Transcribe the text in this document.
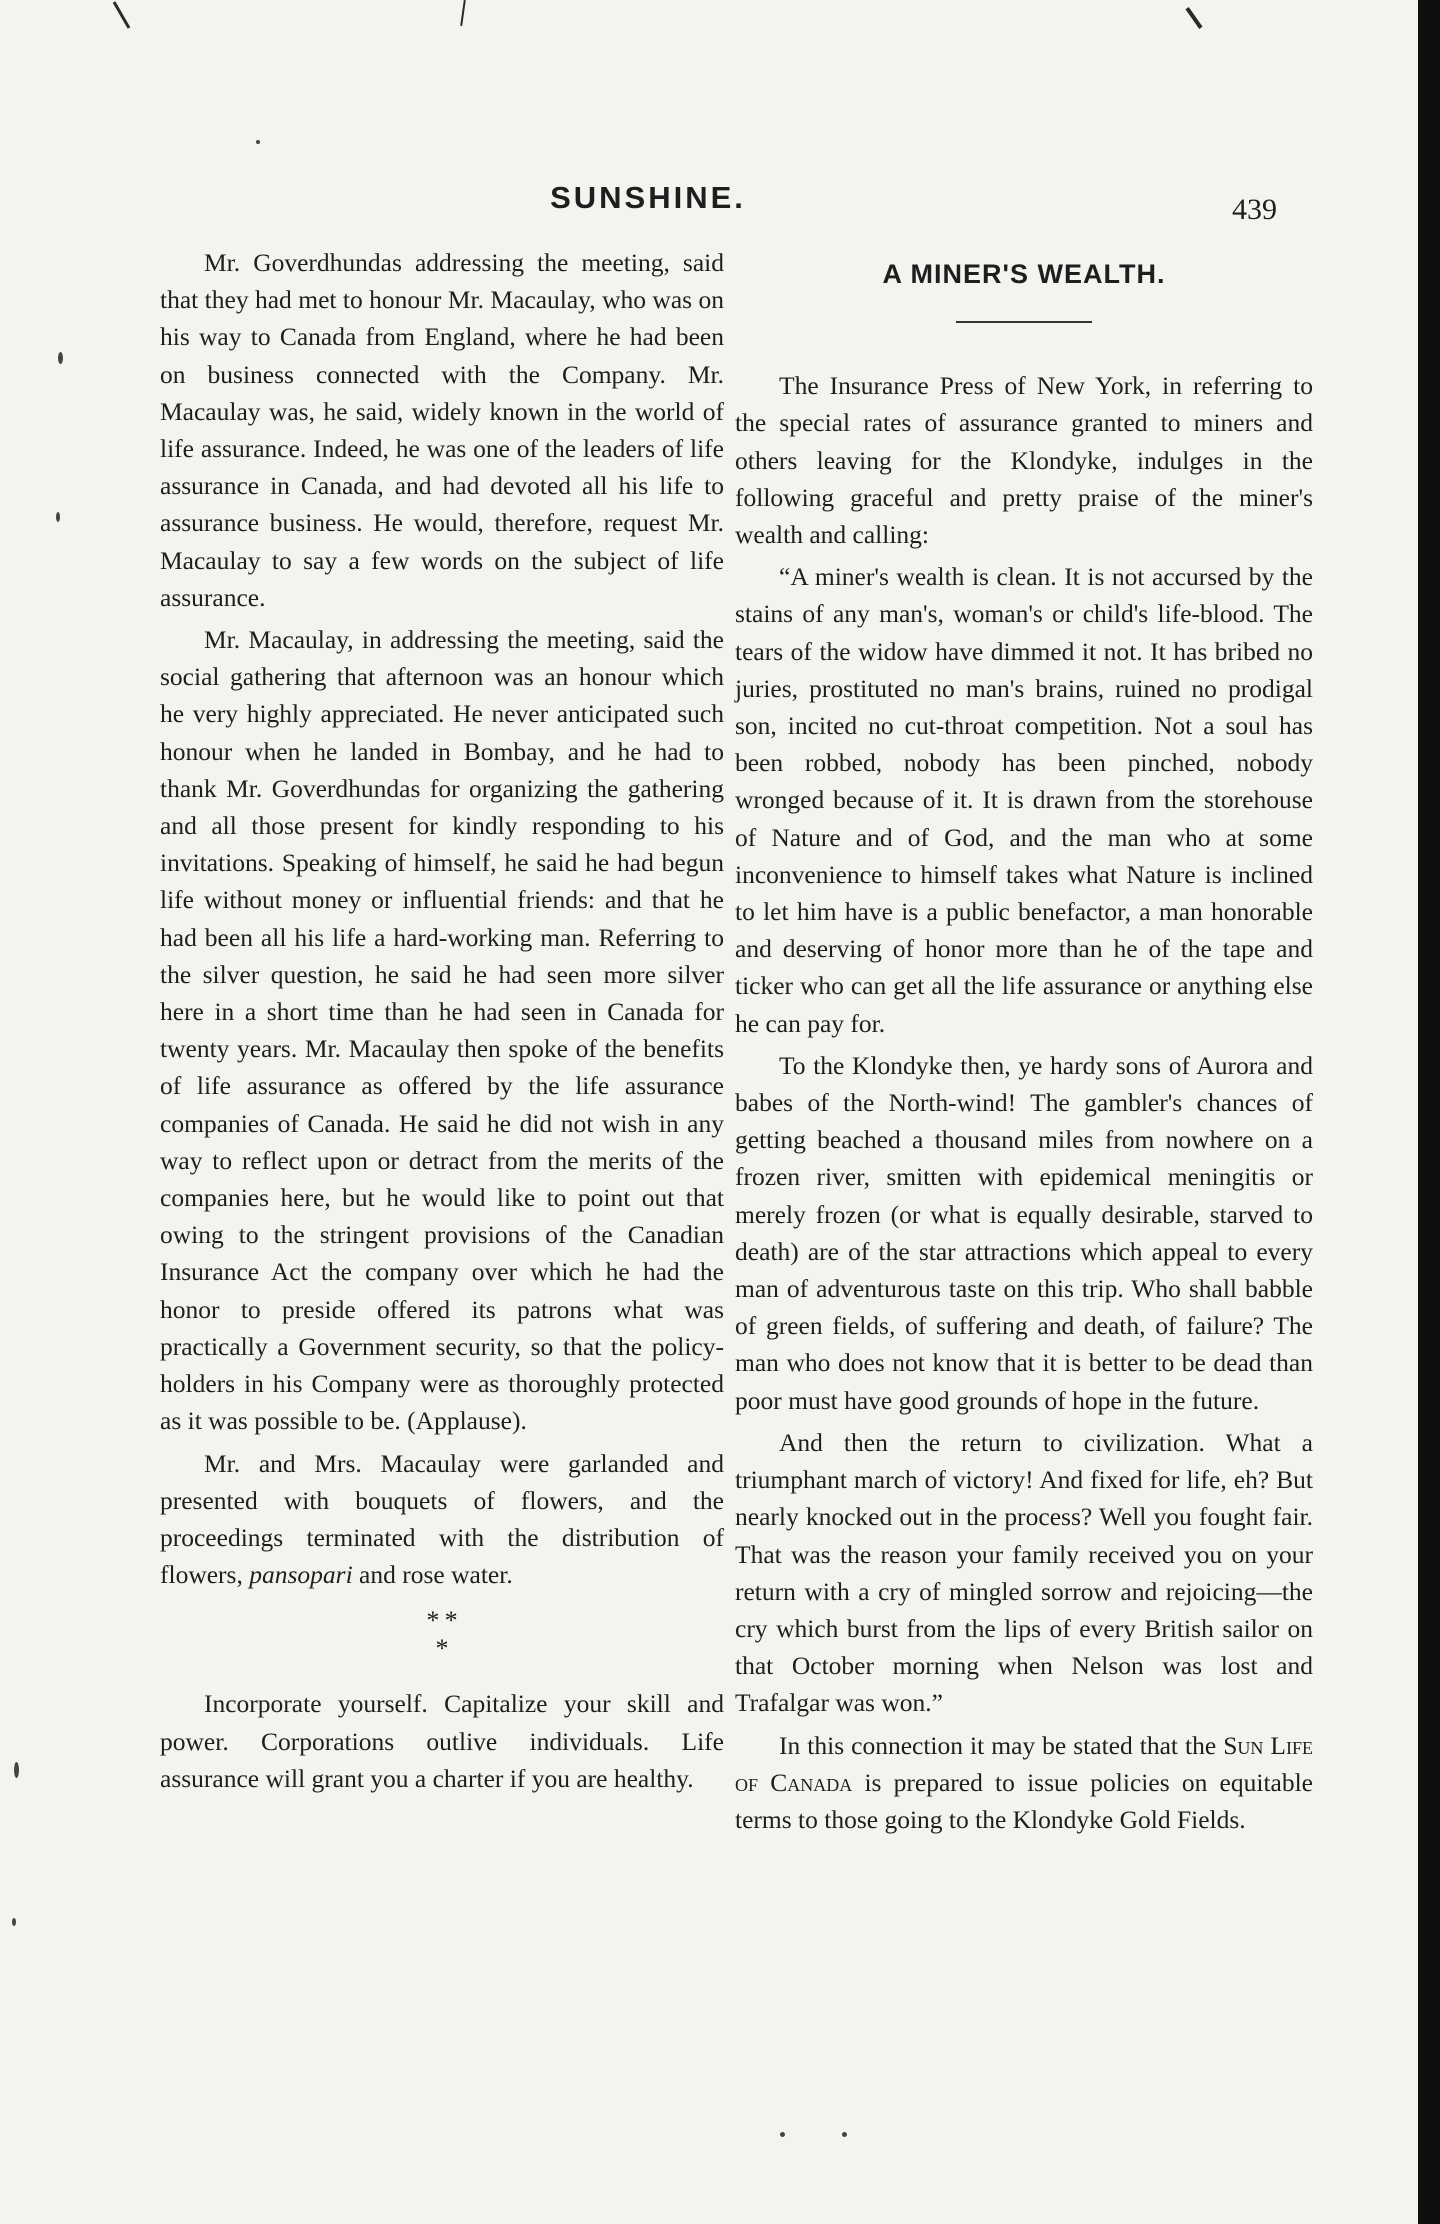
SUNSHINE.	439

Mr. Goverdhundas addressing the meeting, said that they had met to honour Mr. Macaulay, who was on his way to Canada from England, where he had been on business connected with the Company. Mr. Macaulay was, he said, widely known in the world of life assurance. Indeed, he was one of the leaders of life assurance in Canada, and had devoted all his life to assurance business. He would, therefore, request Mr. Macaulay to say a few words on the subject of life assurance.

Mr. Macaulay, in addressing the meeting, said the social gathering that afternoon was an honour which he very highly appreciated. He never anticipated such honour when he landed in Bombay, and he had to thank Mr. Goverdhundas for organizing the gathering and all those present for kindly responding to his invitations. Speaking of himself, he said he had begun life without money or influential friends: and that he had been all his life a hard-working man. Referring to the silver question, he said he had seen more silver here in a short time than he had seen in Canada for twenty years. Mr. Macaulay then spoke of the benefits of life assurance as offered by the life assurance companies of Canada. He said he did not wish in any way to reflect upon or detract from the merits of the companies here, but he would like to point out that owing to the stringent provisions of the Canadian Insurance Act the company over which he had the honor to preside offered its patrons what was practically a Government security, so that the policy-holders in his Company were as thoroughly protected as it was possible to be. (Applause).

Mr. and Mrs. Macaulay were garlanded and presented with bouquets of flowers, and the proceedings terminated with the distribution of flowers, pansopari and rose water.

* *
*

Incorporate yourself. Capitalize your skill and power. Corporations outlive individuals. Life assurance will grant you a charter if you are healthy.

A MINER'S WEALTH.

The Insurance Press of New York, in referring to the special rates of assurance granted to miners and others leaving for the Klondyke, indulges in the following graceful and pretty praise of the miner's wealth and calling:

“A miner's wealth is clean. It is not accursed by the stains of any man's, woman's or child's life-blood. The tears of the widow have dimmed it not. It has bribed no juries, prostituted no man's brains, ruined no prodigal son, incited no cut-throat competition. Not a soul has been robbed, nobody has been pinched, nobody wronged because of it. It is drawn from the storehouse of Nature and of God, and the man who at some inconvenience to himself takes what Nature is inclined to let him have is a public benefactor, a man honorable and deserving of honor more than he of the tape and ticker who can get all the life assurance or anything else he can pay for.

To the Klondyke then, ye hardy sons of Aurora and babes of the North-wind! The gambler's chances of getting beached a thousand miles from nowhere on a frozen river, smitten with epidemical meningitis or merely frozen (or what is equally desirable, starved to death) are of the star attractions which appeal to every man of adventurous taste on this trip. Who shall babble of green fields, of suffering and death, of failure? The man who does not know that it is better to be dead than poor must have good grounds of hope in the future.

And then the return to civilization. What a triumphant march of victory! And fixed for life, eh? But nearly knocked out in the process? Well you fought fair. That was the reason your family received you on your return with a cry of mingled sorrow and rejoicing—the cry which burst from the lips of every British sailor on that October morning when Nelson was lost and Trafalgar was won.”

In this connection it may be stated that the Sun Life of Canada is prepared to issue policies on equitable terms to those going to the Klondyke Gold Fields.
